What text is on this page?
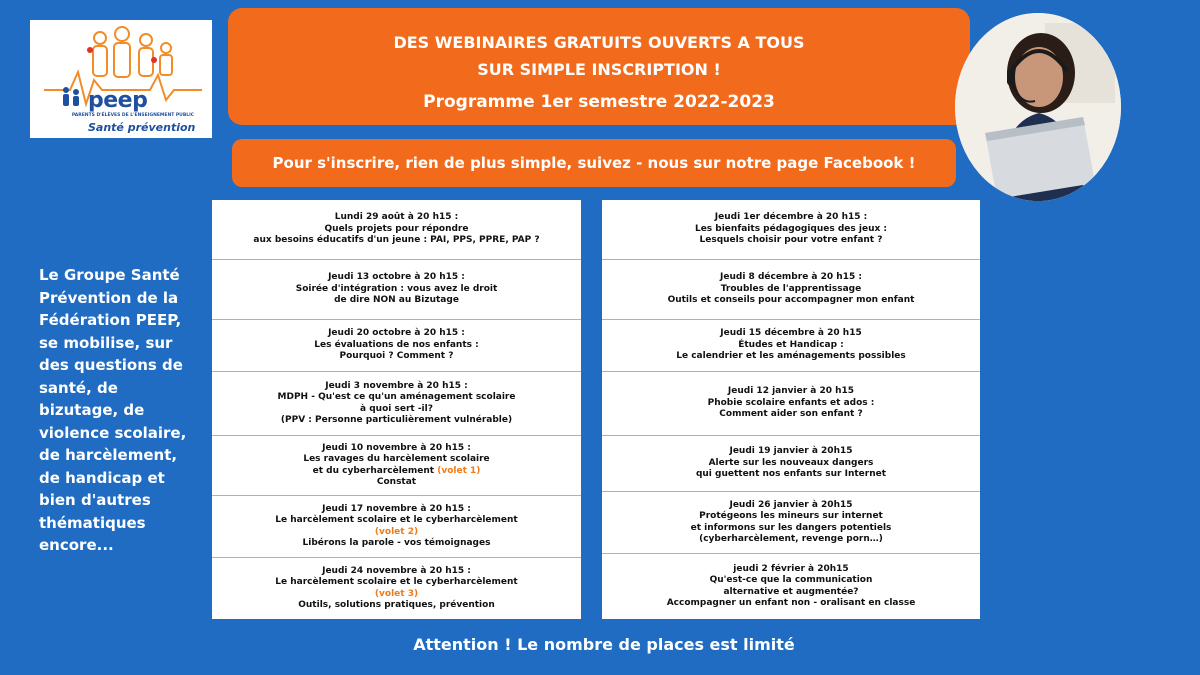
peep
PARENTS D'ÉLÈVES DE L'ENSEIGNEMENT PUBLIC
Santé prévention
DES WEBINAIRES GRATUITS OUVERTS A TOUS
SUR SIMPLE INSCRIPTION !
Programme 1er semestre 2022-2023
Pour s'inscrire, rien de plus simple, suivez - nous sur notre page Facebook !
Le Groupe Santé Prévention de la Fédération PEEP, se mobilise, sur des questions de santé, de bizutage, de violence scolaire, de harcèlement, de handicap et bien d'autres thématiques encore...
Lundi 29 août à 20 h15 :
Quels projets pour répondre
aux besoins éducatifs d'un jeune : PAI, PPS, PPRE, PAP ?
Jeudi 13 octobre à 20 h15 :
Soirée d'intégration : vous avez le droit
de dire NON au Bizutage
Jeudi 20 octobre à 20 h15 :
Les évaluations de nos enfants :
Pourquoi ? Comment ?
Jeudi 3 novembre à 20 h15 :
MDPH - Qu'est ce qu'un aménagement scolaire
à quoi sert -il?
(PPV : Personne particulièrement vulnérable)
Jeudi 10 novembre à 20 h15 :
Les ravages du harcèlement scolaire
et du cyberharcèlement (volet 1)
Constat
Jeudi 17 novembre à 20 h15 :
Le harcèlement scolaire et le cyberharcèlement
(volet 2)
Libérons la parole - vos témoignages
Jeudi 24 novembre à 20 h15 :
Le harcèlement scolaire et le cyberharcèlement
(volet 3)
Outils, solutions pratiques, prévention
Jeudi 1er décembre à 20 h15 :
Les bienfaits pédagogiques des jeux :
Lesquels choisir pour votre enfant ?
Jeudi 8 décembre à 20 h15 :
Troubles de l'apprentissage
Outils et conseils pour accompagner mon enfant
Jeudi 15 décembre à 20 h15
Études et Handicap :
Le calendrier et les aménagements possibles
Jeudi 12 janvier à 20 h15
Phobie scolaire enfants et ados :
Comment aider son enfant ?
Jeudi 19 janvier à 20h15
Alerte sur les nouveaux dangers
qui guettent nos enfants sur Internet
Jeudi 26 janvier à 20h15
Protégeons les mineurs sur internet
et informons sur les dangers potentiels
(cyberharcèlement, revenge porn…)
jeudi 2 février à 20h15
Qu'est-ce que la communication
alternative et augmentée?
Accompagner un enfant non - oralisant en classe
Attention ! Le nombre de places est limité
